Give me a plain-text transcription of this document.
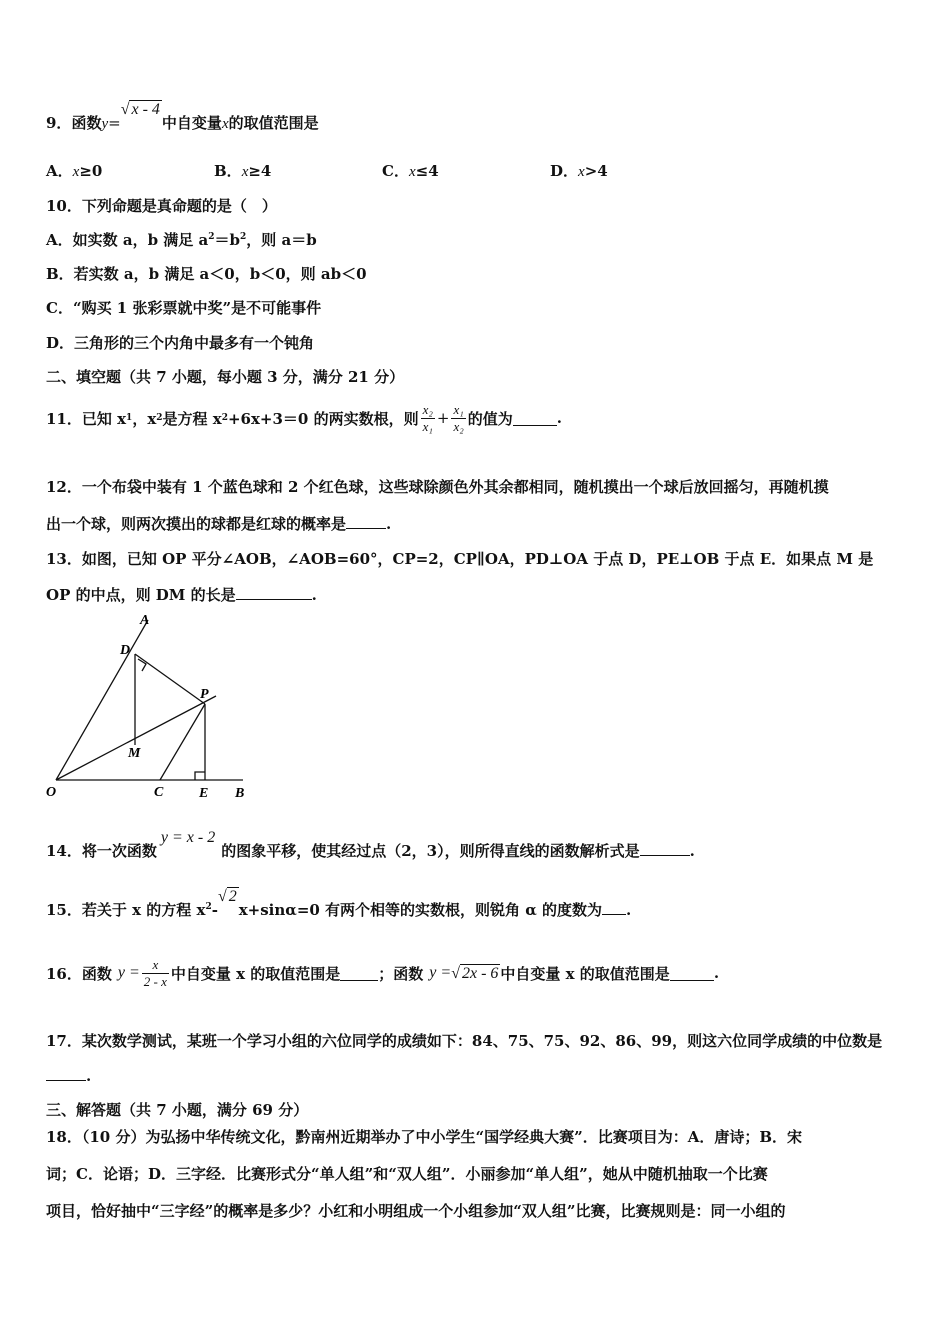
9．函数y=√ x - 4中自变量x的取值范围是
A．x≥0	B．x≥4	C．x≤4	D．x>4
10．下列命题是真命题的是（　）
A．如实数 a，b 满足 $a^2=b^2$，则 a＝b
B．若实数 a，b 满足 a＜0，b＜0，则 ab＜0
C．“购买 1 张彩票就中奖”是不可能事件
D．三角形的三个内角中最多有一个钝角
二、填空题（共 7 小题，每小题 3 分，满分 21 分）
11．已知 x 1 ，x 2 是方程 x 2 +6x+3＝0 的两实数根，则 $\frac{\text{x₂}}{\text{x₁}} + \frac{\text{x₁}}{\text{x₂}}$ 的值为	.
12．一个布袋中装有 1 个蓝色球和 2 个红色球，这些球除颜色外其余都相同，随机摸出一个球后放回摇匀，再随机摸
出一个球，则两次摸出的球都是红球的概率是	.
13．如图，已知 OP 平分∠AOB，∠AOB=60°，CP=2，CP∥OA，PD⊥OA 于点 D，PE⊥OB 于点 E．如果点 M 是
OP 的中点，则 DM 的长是	.
A
D
P
M
O	C	E B
14．将一次函数y = x - 2的图象平移，使其经过点（2，3），则所得直线的函数解析式是	.
15．若关于 x 的方程 $x^2-√$ 2x+sinα=0 有两个相等的实数根，则锐角 α 的度数为 .
16．函数 $y = \frac{x}{2 - x}$ 中自变量 x 的取值范围是	；函数 y = √ 2x - 6 中自变量 x 的取值范围是	.
17．某次数学测试，某班一个学习小组的六位同学的成绩如下：84、75、75、92、86、99，则这六位同学成绩的中位数是
.
三、解答题（共 7 小题，满分 69 分）
18．（10 分）为弘扬中华传统文化，黔南州近期举办了中小学生“国学经典大赛”．比赛项目为：A．唐诗；B．宋
词；C．论语；D．三字经．比赛形式分“单人组”和“双人组”．小丽参加“单人组”，她从中随机抽取一个比赛
项目，恰好抽中“三字经”的概率是多少？小红和小明组成一个小组参加“双人组”比赛，比赛规则是：同一小组的
